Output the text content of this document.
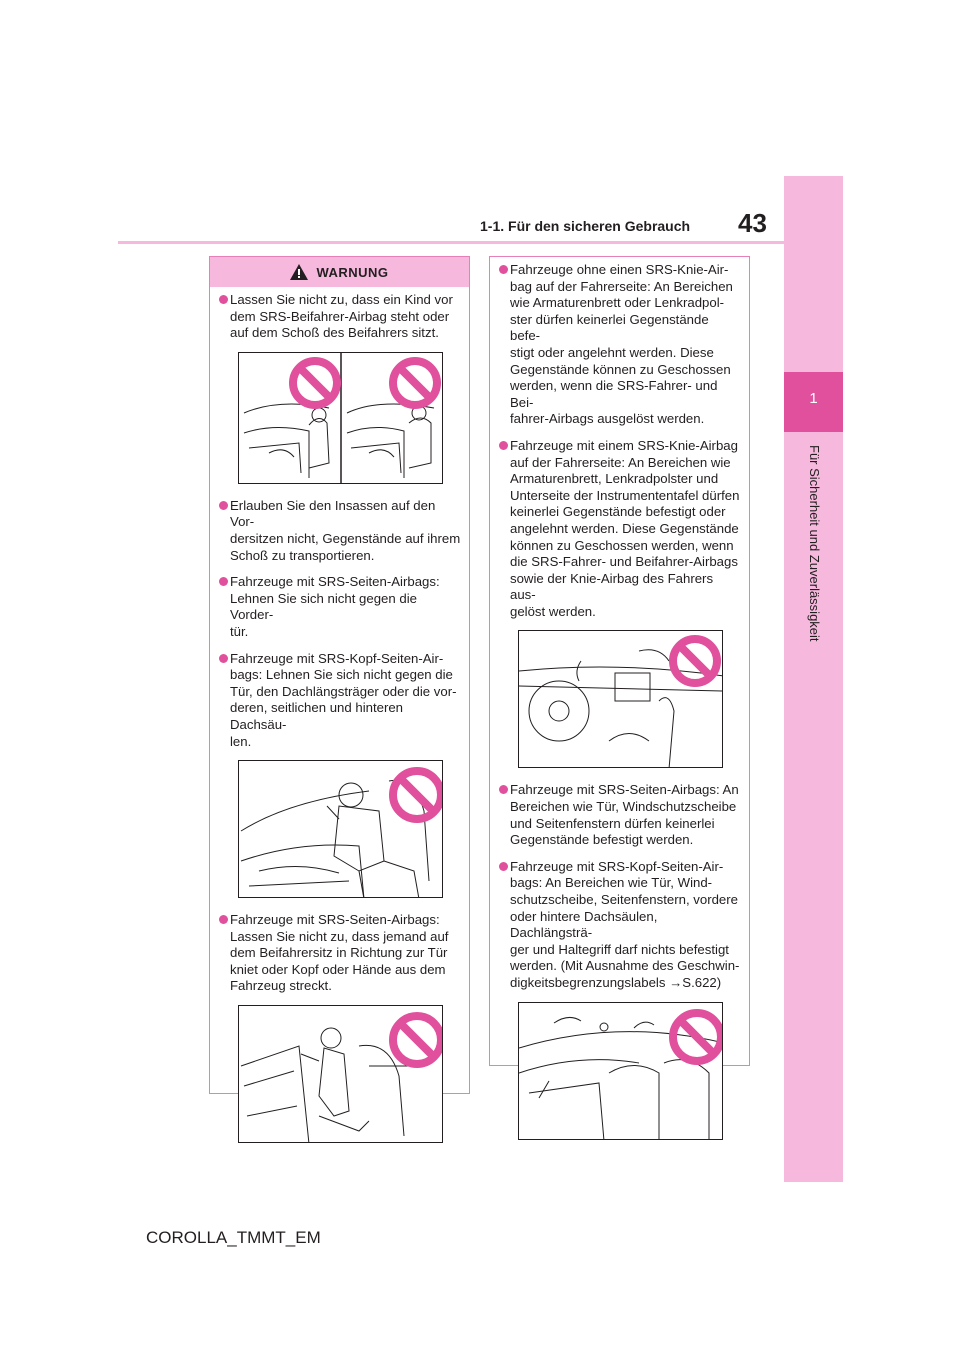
1-1. Für den sicheren Gebrauch 43
1
Für Sicherheit und Zuverlässigkeit
WARNUNG
Lassen Sie nicht zu, dass ein Kind vor
dem SRS-Beifahrer-Airbag steht oder
auf dem Schoß des Beifahrers sitzt.
Erlauben Sie den Insassen auf den Vor-
dersitzen nicht, Gegenstände auf ihrem
Schoß zu transportieren.
Fahrzeuge mit SRS-Seiten-Airbags:
Lehnen Sie sich nicht gegen die Vorder-
tür.
Fahrzeuge mit SRS-Kopf-Seiten-Air-
bags: Lehnen Sie sich nicht gegen die
Tür, den Dachlängsträger oder die vor-
deren, seitlichen und hinteren Dachsäu-
len.
Fahrzeuge mit SRS-Seiten-Airbags:
Lassen Sie nicht zu, dass jemand auf
dem Beifahrersitz in Richtung zur Tür
kniet oder Kopf oder Hände aus dem
Fahrzeug streckt.
Fahrzeuge ohne einen SRS-Knie-Air-
bag auf der Fahrerseite: An Bereichen
wie Armaturenbrett oder Lenkradpol-
ster dürfen keinerlei Gegenstände befe-
stigt oder angelehnt werden. Diese
Gegenstände können zu Geschossen
werden, wenn die SRS-Fahrer- und Bei-
fahrer-Airbags ausgelöst werden.
Fahrzeuge mit einem SRS-Knie-Airbag
auf der Fahrerseite: An Bereichen wie
Armaturenbrett, Lenkradpolster und
Unterseite der Instrumententafel dürfen
keinerlei Gegenstände befestigt oder
angelehnt werden. Diese Gegenstände
können zu Geschossen werden, wenn
die SRS-Fahrer- und Beifahrer-Airbags
sowie der Knie-Airbag des Fahrers aus-
gelöst werden.
Fahrzeuge mit SRS-Seiten-Airbags: An
Bereichen wie Tür, Windschutzscheibe
und Seitenfenstern dürfen keinerlei
Gegenstände befestigt werden.
Fahrzeuge mit SRS-Kopf-Seiten-Air-
bags: An Bereichen wie Tür, Wind-
schutzscheibe, Seitenfenstern, vordere
oder hintere Dachsäulen, Dachlängsträ-
ger und Haltegriff darf nichts befestigt
werden. (Mit Ausnahme des Geschwin-
digkeitsbegrenzungslabels →S.622)
COROLLA_TMMT_EM
